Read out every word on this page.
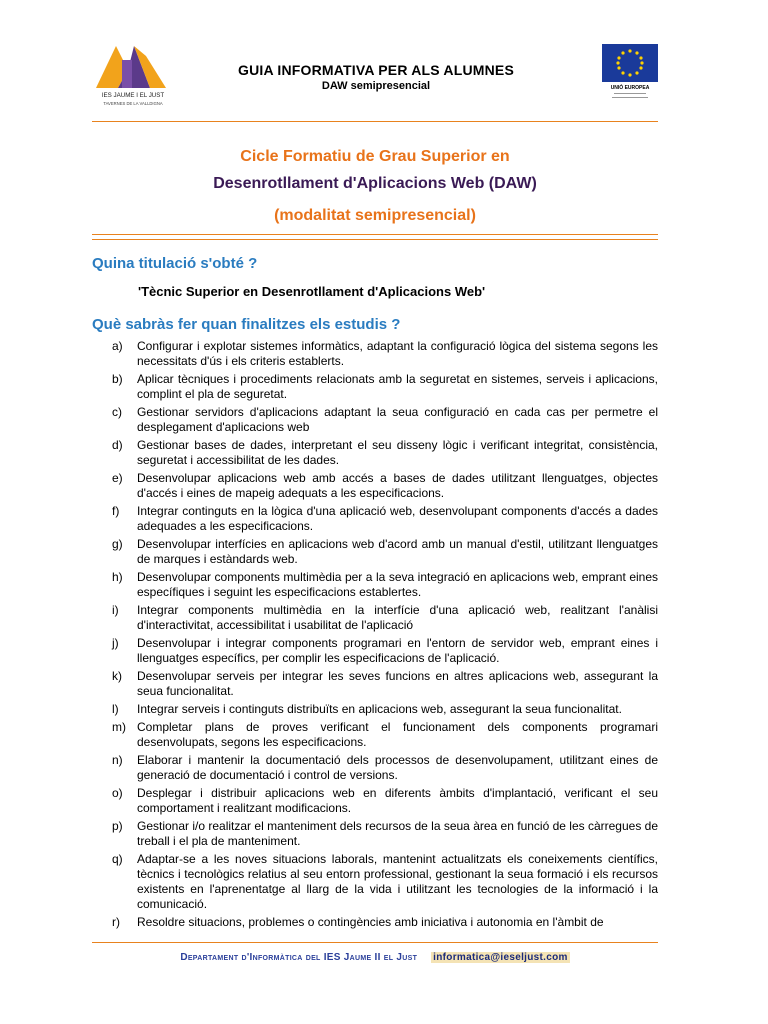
IES JAUME I EL JUST
TAVERNES DE LA VALLDIGNA
GUIA INFORMATIVA PER ALS ALUMNES
DAW semipresencial	UNIÓ EUROPEA
Cicle Formatiu de Grau Superior en
Desenrotllament d'Aplicacions Web (DAW)
(modalitat semipresencial)
Quina titulació s'obté ?
'Tècnic Superior en Desenrotllament d'Aplicacions Web'
Què sabràs fer quan finalitzes els estudis ?
a)	Configurar i explotar sistemes informàtics, adaptant la configuració lògica del sistema segons les necessitats d'ús i els criteris establerts.
b)	Aplicar tècniques i procediments relacionats amb la seguretat en sistemes, serveis i aplicacions, complint el pla de seguretat.
c)	Gestionar servidors d'aplicacions adaptant la seua configuració en cada cas per permetre el desplegament d'aplicacions web
d)	Gestionar bases de dades, interpretant el seu disseny lògic i verificant integritat, consistència, seguretat i accessibilitat de les dades.
e)	Desenvolupar aplicacions web amb accés a bases de dades utilitzant llenguatges, objectes d'accés i eines de mapeig adequats a les especificacions.
f)	Integrar continguts en la lògica d'una aplicació web, desenvolupant components d'accés a dades adequades a les especificacions.
g)	Desenvolupar interfícies en aplicacions web d'acord amb un manual d'estil, utilitzant llenguatges de marques i estàndards web.
h)	Desenvolupar components multimèdia per a la seva integració en aplicacions web, emprant eines específiques i seguint les especificacions establertes.
i)	Integrar components multimèdia en la interfície d'una aplicació web, realitzant l'anàlisi d'interactivitat, accessibilitat i usabilitat de l'aplicació
j)	Desenvolupar i integrar components programari en l'entorn de servidor web, emprant eines i llenguatges específics, per complir les especificacions de l'aplicació.
k)	Desenvolupar serveis per integrar les seves funcions en altres aplicacions web, assegurant la seua funcionalitat.
l)	Integrar serveis i continguts distribuïts en aplicacions web, assegurant la seua funcionalitat.
m) Completar plans de proves verificant el funcionament dels components programari desenvolupats, segons les especificacions.
n)	Elaborar i mantenir la documentació dels processos de desenvolupament, utilitzant eines de generació de documentació i control de versions.
o)	Desplegar i distribuir aplicacions web en diferents àmbits d'implantació, verificant el seu comportament i realitzant modificacions.
p)	Gestionar i/o realitzar el manteniment dels recursos de la seua àrea en funció de les càrregues de treball i el pla de manteniment.
q)	Adaptar-se a les noves situacions laborals, mantenint actualitzats els coneixements científics, tècnics i tecnològics relatius al seu entorn professional, gestionant la seua formació i els recursos existents en l'aprenentatge al llarg de la vida i utilitzant les tecnologies de la informació i la comunicació.
r)	Resoldre situacions, problemes o contingències amb iniciativa i autonomia en l'àmbit de
Departament d'Informàtica del IES Jaume II el Just informatica@ieseljust.com
